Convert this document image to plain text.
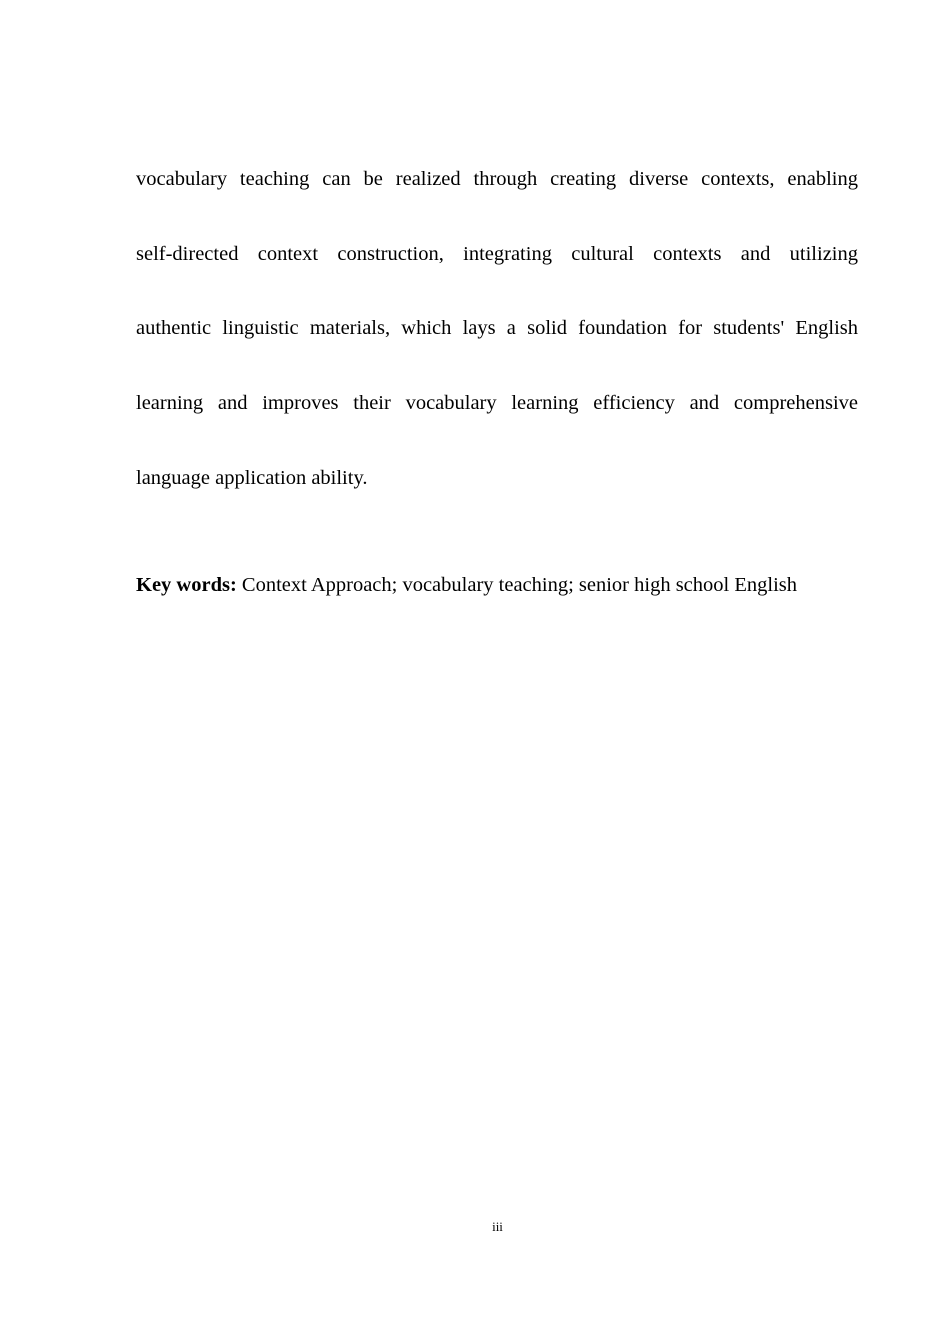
vocabulary teaching can be realized through creating diverse contexts, enabling
self-directed context construction, integrating cultural contexts and utilizing
authentic linguistic materials, which lays a solid foundation for students' English
learning and improves their vocabulary learning efficiency and comprehensive
language application ability.

Key words: Context Approach; vocabulary teaching; senior high school English

iii
